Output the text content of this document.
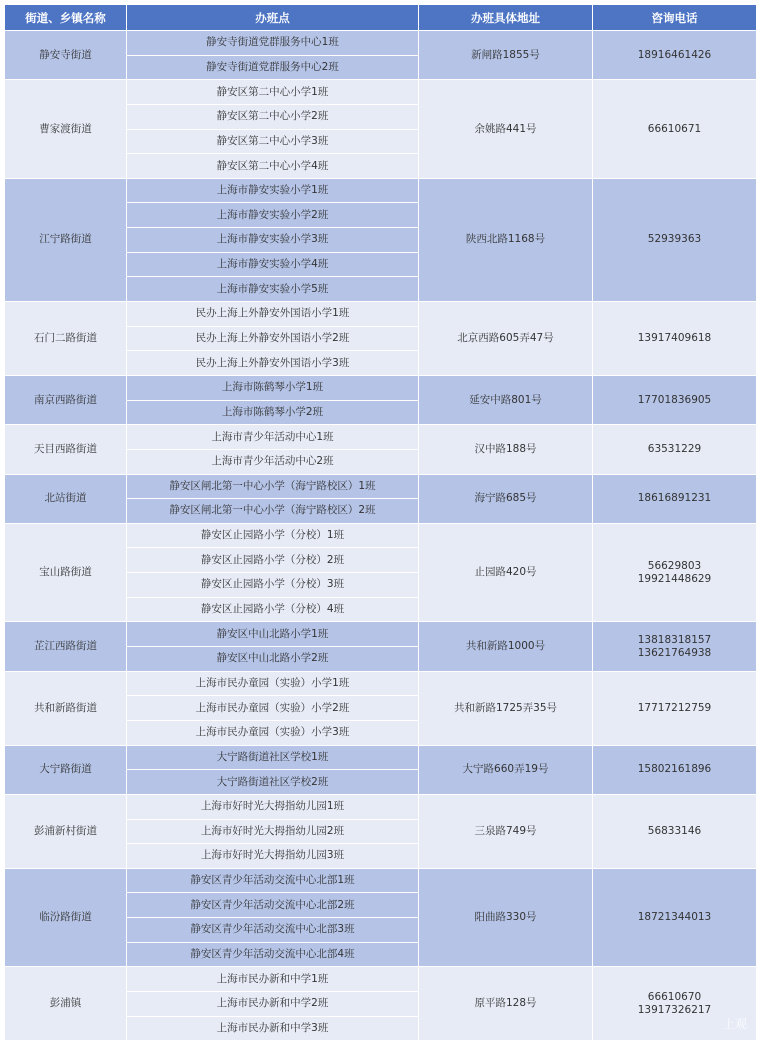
街道、乡镇名称	办班点	办班具体地址	咨询电话
静安寺街道	静安寺街道党群服务中心1班	新闸路1855号	18916461426

	静安寺街道党群服务中心2班		
曹家渡街道	静安区第二中心小学1班	余姚路441号	66610671

	静安区第二中心小学2班		
	静安区第二中心小学3班		
	静安区第二中心小学4班		
江宁路街道	上海市静安实验小学1班	陕西北路1168号	52939363

	上海市静安实验小学2班		
	上海市静安实验小学3班		
	上海市静安实验小学4班		
	上海市静安实验小学5班		
石门二路街道	民办上海上外静安外国语小学1班	北京西路605弄47号	13917409618

	民办上海上外静安外国语小学2班		
	民办上海上外静安外国语小学3班		
南京西路街道	上海市陈鹤琴小学1班	延安中路801号	17701836905

	上海市陈鹤琴小学2班		
天目西路街道	上海市青少年活动中心1班	汉中路188号	63531229

	上海市青少年活动中心2班		
北站街道	静安区闸北第一中心小学（海宁路校区）1班	海宁路685号	18616891231

	静安区闸北第一中心小学（海宁路校区）2班		
宝山路街道	静安区止园路小学（分校）1班	止园路420号	56629803
19921448629

	静安区止园路小学（分校）2班		
	静安区止园路小学（分校）3班		
	静安区止园路小学（分校）4班		
芷江西路街道	静安区中山北路小学1班	共和新路1000号	13818318157
13621764938

	静安区中山北路小学2班		
共和新路街道	上海市民办童园（实验）小学1班	共和新路1725弄35号	17717212759

	上海市民办童园（实验）小学2班		
	上海市民办童园（实验）小学3班		
大宁路街道	大宁路街道社区学校1班	大宁路660弄19号	15802161896

	大宁路街道社区学校2班		
彭浦新村街道	上海市好时光大拇指幼儿园1班	三泉路749号	56833146

	上海市好时光大拇指幼儿园2班		
	上海市好时光大拇指幼儿园3班		
临汾路街道	静安区青少年活动交流中心北部1班	阳曲路330号	18721344013

	静安区青少年活动交流中心北部2班		
	静安区青少年活动交流中心北部3班		
	静安区青少年活动交流中心北部4班		
彭浦镇	上海市民办新和中学1班	原平路128号	66610670
13917326217

	上海市民办新和中学2班		
	上海市民办新和中学3班			上观
